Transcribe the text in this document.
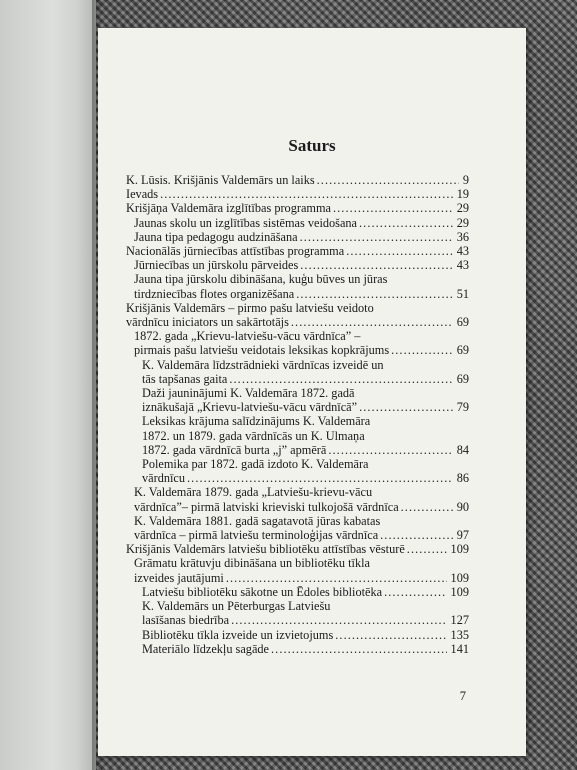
Saturs
K. Lūsis. Krišjānis Valdemārs un laiks . . .	9
Ievads . . .	19
Krišjāņa Valdemāra izglītības programma . . .	29
Jaunas skolu un izglītības sistēmas veidošana . . .	29
Jauna tipa pedagogu audzināšana . . .	36
Nacionālās jūrniecības attīstības programma . . .	43
Jūrniecības un jūrskolu pārveides . . .	43
Jauna tipa jūrskolu dibināšana, kuģu būves un jūras
tirdzniecības flotes organizēšana . . .	51
Krišjānis Valdemārs – pirmo pašu latviešu veidoto
vārdnīcu iniciators un sakārtotājs . . .	69
1872. gada „Krievu-latviešu-vācu vārdnīca” –
pirmais pašu latviešu veidotais leksikas kopkrājums . . .	69
K. Valdemāra līdzstrādnieki vārdnīcas izveidē un
tās tapšanas gaita . . .	69
Daži jauninājumi K. Valdemāra 1872. gadā
iznākušajā „Krievu-latviešu-vācu vārdnīcā” . . .	79
Leksikas krājuma salīdzinājums K. Valdemāra
1872. un 1879. gada vārdnīcās un K. Ulmaņa
1872. gada vārdnīcā burta „j” apmērā . . .	84
Polemika par 1872. gadā izdoto K. Valdemāra
vārdnīcu . . .	86
K. Valdemāra 1879. gada „Latviešu-krievu-vācu
vārdnīca”– pirmā latviski krieviski tulkojošā vārdnīca . . .	90
K. Valdemāra 1881. gadā sagatavotā jūras kabatas
vārdnīca – pirmā latviešu terminoloģijas vārdnīca . . .	97
Krišjānis Valdemārs latviešu bibliotēku attīstības vēsturē . . .	109
Grāmatu krātuvju dibināšana un bibliotēku tīkla
izveides jautājumi . . .	109
Latviešu bibliotēku sākotne un Ēdoles bibliotēka . . .	109
K. Valdemārs un Pēterburgas Latviešu
lasīšanas biedrība . . .	127
Bibliotēku tīkla izveide un izvietojums . . .	135
Materiālo līdzekļu sagāde . . .	141
7
